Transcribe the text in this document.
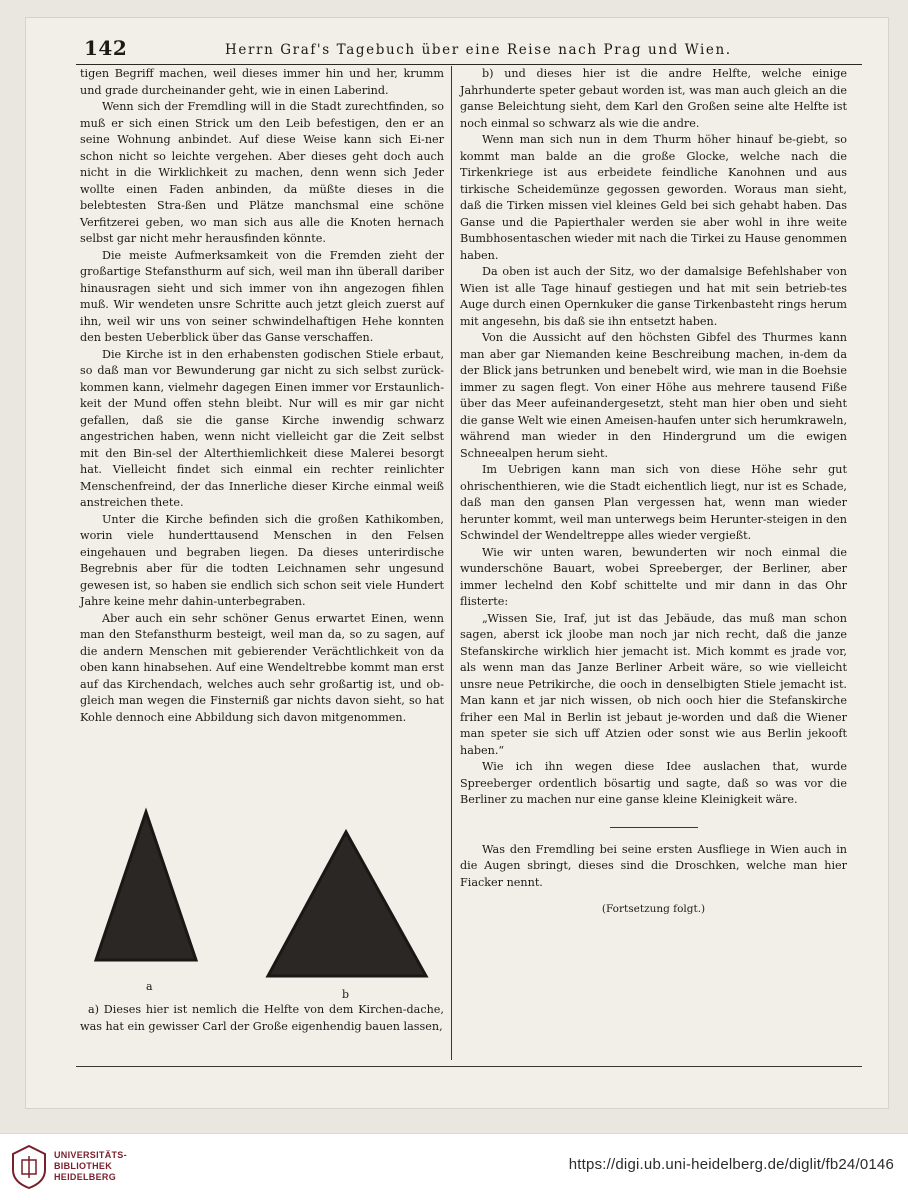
142	Herrn Graf's Tagebuch über eine Reise nach Prag und Wien.

tigen Begriff machen, weil dieses immer hin und her, krumm und grade durcheinander geht, wie in einen Laberind.

Wenn sich der Fremdling will in die Stadt zurechtfinden, so muß er sich einen Strick um den Leib befestigen, den er an seine Wohnung anbindet. Auf diese Weise kann sich Ei-ner schon nicht so leichte vergehen. Aber dieses geht doch auch nicht in die Wirklichkeit zu machen, denn wenn sich Jeder wollte einen Faden anbinden, da müßte dieses in die belebtesten Stra-ßen und Plätze manchsmal eine schöne Verfitzerei geben, wo man sich aus alle die Knoten hernach selbst gar nicht mehr herausfinden könnte.

Die meiste Aufmerksamkeit von die Fremden zieht der großartige Stefansthurm auf sich, weil man ihn überall dariber hinausragen sieht und sich immer von ihn angezogen fihlen muß. Wir wendeten unsre Schritte auch jetzt gleich zuerst auf ihn, weil wir uns von seiner schwindelhaftigen Hehe konnten den besten Ueberblick über das Ganse verschaffen.

Die Kirche ist in den erhabensten godischen Stiele erbaut, so daß man vor Bewunderung gar nicht zu sich selbst zurück-kommen kann, vielmehr dagegen Einen immer vor Erstaunlich-keit der Mund offen stehn bleibt. Nur will es mir gar nicht gefallen, daß sie die ganse Kirche inwendig schwarz angestrichen haben, wenn nicht vielleicht gar die Zeit selbst mit den Bin-sel der Alterthiemlichkeit diese Malerei besorgt hat. Vielleicht findet sich einmal ein rechter reinlichter Menschenfreind, der das Innerliche dieser Kirche einmal weiß anstreichen thete.

Unter die Kirche befinden sich die großen Kathikomben, worin viele hunderttausend Menschen in den Felsen eingehauen und begraben liegen. Da dieses unterirdische Begrebnis aber für die todten Leichnamen sehr ungesund gewesen ist, so haben sie endlich sich schon seit viele Hundert Jahre keine mehr dahin-unterbegraben.

Aber auch ein sehr schöner Genus erwartet Einen, wenn man den Stefansthurm besteigt, weil man da, so zu sagen, auf die andern Menschen mit gebierender Verächtlichkeit von da oben kann hinabsehen. Auf eine Wendeltrebbe kommt man erst auf das Kirchendach, welches auch sehr großartig ist, und ob-gleich man wegen die Finsterniß gar nichts davon sieht, so hat Kohle dennoch eine Abbildung sich davon mitgenommen.

b) und dieses hier ist die andre Helfte, welche einige Jahrhunderte speter gebaut worden ist, was man auch gleich an die ganse Beleichtung sieht, dem Karl den Großen seine alte Helfte ist noch einmal so schwarz als wie die andre.

Wenn man sich nun in dem Thurm höher hinauf be-giebt, so kommt man balde an die große Glocke, welche nach die Tirkenkriege ist aus erbeidete feindliche Kanohnen und aus tirkische Scheidemünze gegossen geworden. Woraus man sieht, daß die Tirken missen viel kleines Geld bei sich gehabt haben. Das Ganse und die Papierthaler werden sie aber wohl in ihre weite Bumbhosentaschen wieder mit nach die Tirkei zu Hause genommen haben.

Da oben ist auch der Sitz, wo der damalsige Befehlshaber von Wien ist alle Tage hinauf gestiegen und hat mit sein betrieb-tes Auge durch einen Opernkuker die ganse Tirkenbasteht rings herum mit angesehn, bis daß sie ihn entsetzt haben.

Von die Aussicht auf den höchsten Gibfel des Thurmes kann man aber gar Niemanden keine Beschreibung machen, in-dem da der Blick jans betrunken und benebelt wird, wie man in die Boehsie immer zu sagen flegt. Von einer Höhe aus mehrere tausend Fiße über das Meer aufeinandergesetzt, steht man hier oben und sieht die ganse Welt wie einen Ameisen-haufen unter sich herumkraweln, während man wieder in den Hindergrund um die ewigen Schneealpen herum sieht.

Im Uebrigen kann man sich von diese Höhe sehr gut ohrischenthieren, wie die Stadt eichentlich liegt, nur ist es Schade, daß man den gansen Plan vergessen hat, wenn man wieder herunter kommt, weil man unterwegs beim Herunter-steigen in den Schwindel der Wendeltreppe alles wieder vergießt.

Wie wir unten waren, bewunderten wir noch einmal die wunderschöne Bauart, wobei Spreeberger, der Berliner, aber immer lechelnd den Kobf schittelte und mir dann in das Ohr flisterte:

„Wissen Sie, Iraf, jut ist das Jebäude, das muß man schon sagen, aberst ick jloobe man noch jar nich recht, daß die janze Stefanskirche wirklich hier jemacht ist. Mich kommt es jrade vor, als wenn man das Janze Berliner Arbeit wäre, so wie vielleicht unsre neue Petrikirche, die ooch in denselbigten Stiele jemacht ist. Man kann et jar nich wissen, ob nich ooch hier die Stefanskirche friher een Mal in Berlin ist jebaut je-worden und daß die Wiener man speter sie sich uff Atzien oder sonst wie aus Berlin jekooft haben.“

Wie ich ihn wegen diese Idee auslachen that, wurde Spreeberger ordentlich bösartig und sagte, daß so was vor die Berliner zu machen nur eine ganse kleine Kleinigkeit wäre.

Was den Fremdling bei seine ersten Ausfliege in Wien auch in die Augen sbringt, dieses sind die Droschken, welche man hier Fiacker nennt.

(Fortsetzung folgt.)
a
b

a) Dieses hier ist nemlich die Helfte von dem Kirchen-dache, was hat ein gewisser Carl der Große eigenhendig bauen lassen,

UNIVERSITÄTS-
BIBLIOTHEK
HEIDELBERG
https://digi.ub.uni-heidelberg.de/diglit/fb24/0146
